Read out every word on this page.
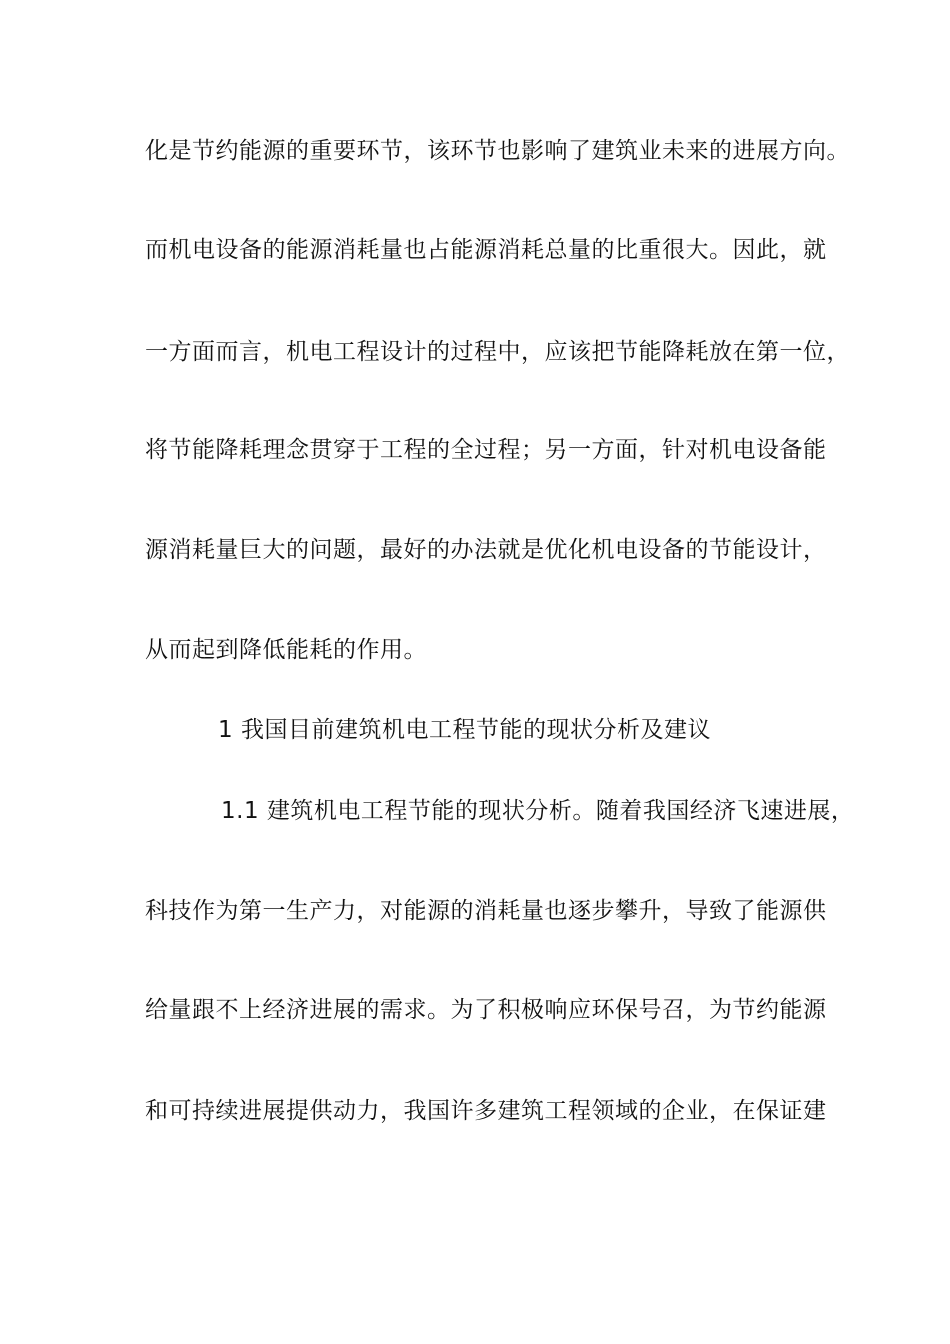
化是节约能源的重要环节，该环节也影响了建筑业未来的进展方向。
而机电设备的能源消耗量也占能源消耗总量的比重很大。因此，就
一方面而言，机电工程设计的过程中，应该把节能降耗放在第一位，
将节能降耗理念贯穿于工程的全过程；另一方面，针对机电设备能
源消耗量巨大的问题，最好的办法就是优化机电设备的节能设计，
从而起到降低能耗的作用。
1 我国目前建筑机电工程节能的现状分析及建议
1.1 建筑机电工程节能的现状分析。随着我国经济飞速进展，
科技作为第一生产力，对能源的消耗量也逐步攀升，导致了能源供
给量跟不上经济进展的需求。为了积极响应环保号召，为节约能源
和可持续进展提供动力，我国许多建筑工程领域的企业，在保证建
